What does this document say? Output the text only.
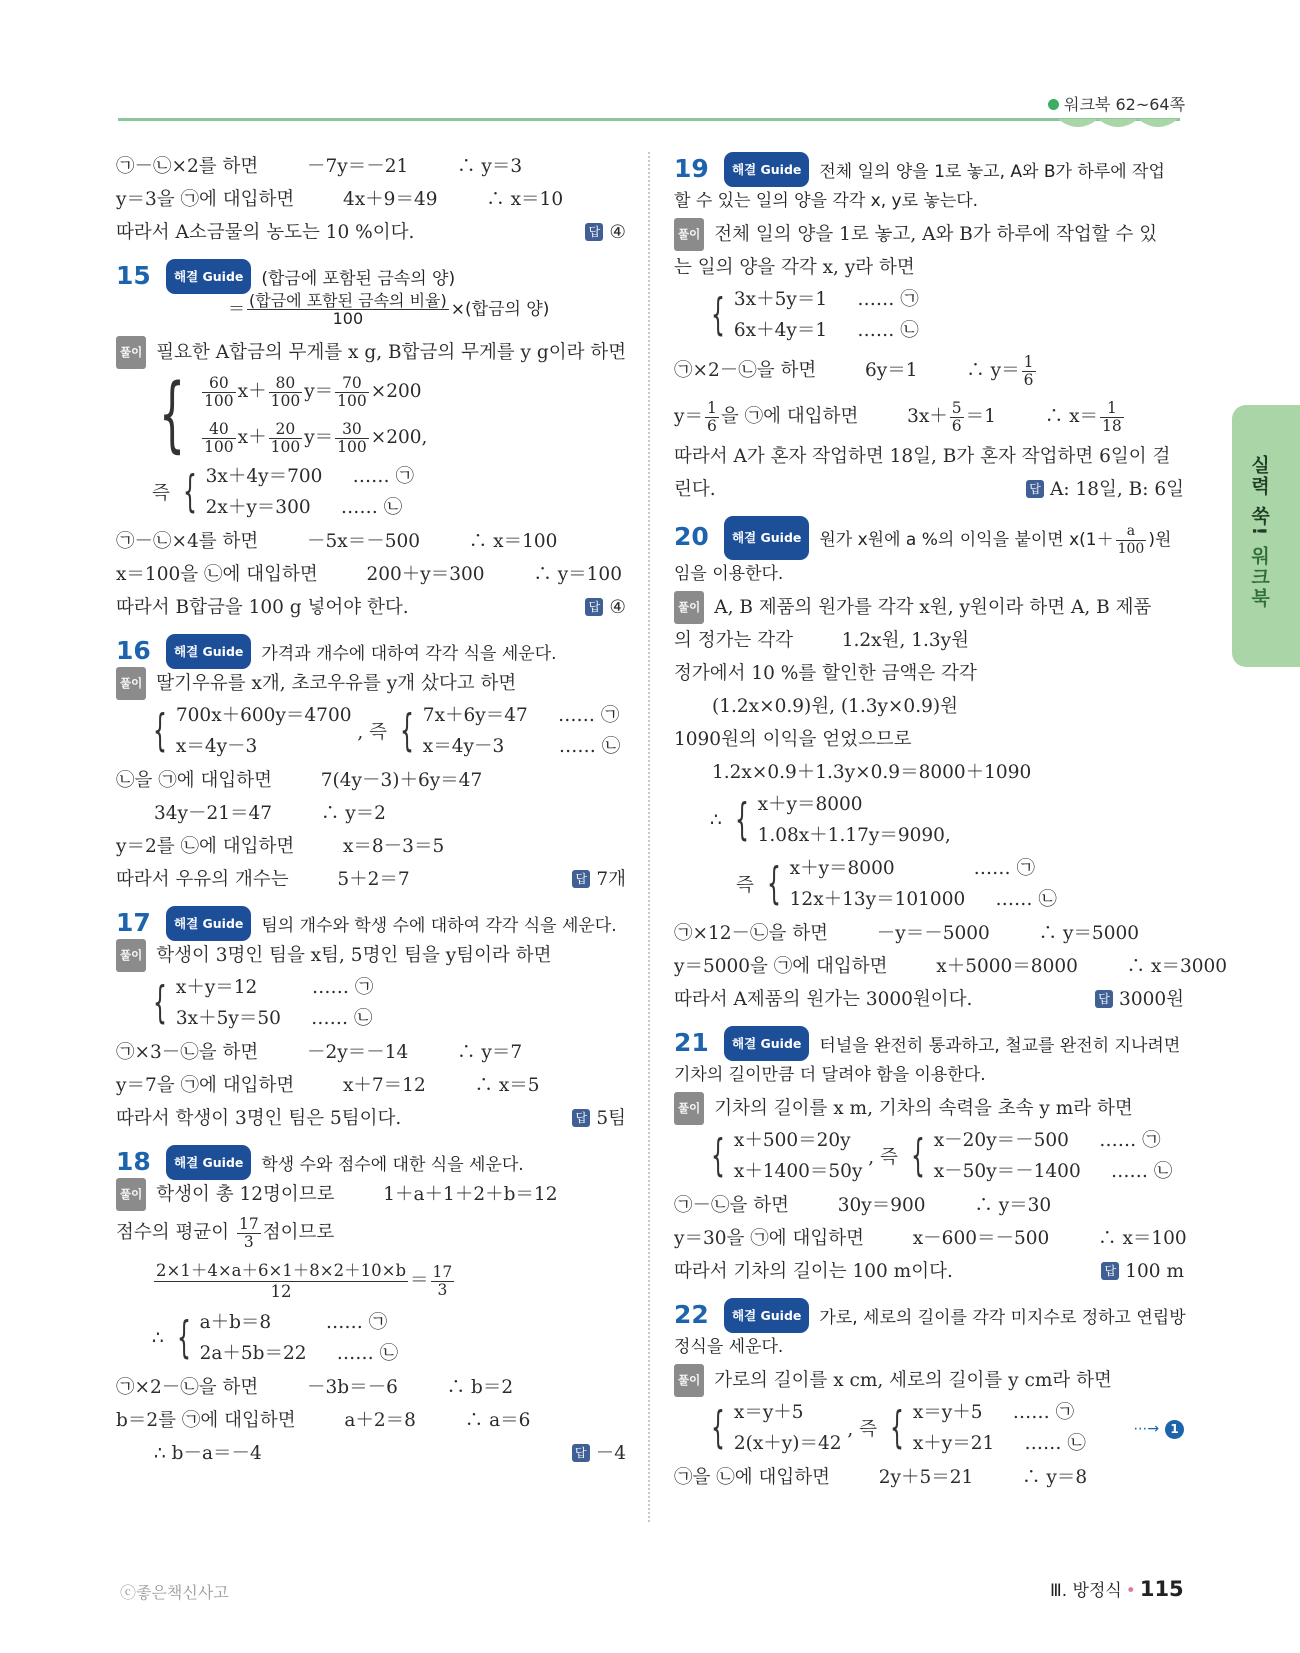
워크북 62~64쪽
실력 쑥! 워크북
㉠－㉡×2를 하면 　　 －7y＝－21 　　 ∴ y＝3
y＝3을 ㉠에 대입하면 　　 4x＋9＝49 　　 ∴ x＝10
따라서 A소금물의 농도는 10 %이다.	답 ④
15 해결 Guide (합금에 포함된 금속의 양)
＝ $\frac{\text{(합금에 포함된 금속의 비율)}}{100}$ ×(합금의 양)
풀이 필요한 A합금의 무게를 x g, B합금의 무게를 y g이라 하면
{ $\frac{60}{100} x+ \frac{80}{100} y= \frac{70}{100} \times 200$
$\frac{40}{100} x+ \frac{20}{100} y= \frac{30}{100} \times 200$,
즉 { 3x＋4y＝700 　 …… ㉠
2x＋y＝300 　 …… ㉡
㉠－㉡×4를 하면 　　 －5x＝－500 　　 ∴ x＝100
x＝100을 ㉡에 대입하면 　　 200＋y＝300 　　 ∴ y＝100
따라서 B합금을 100 g 넣어야 한다.	답 ④
16 해결 Guide 가격과 개수에 대하여 각각 식을 세운다.
풀이 딸기우유를 x개, 초코우유를 y개 샀다고 하면
{ 700x＋600y＝4700
x＝4y－3
, 즉 { 7x＋6y＝47 　 …… ㉠
x＝4y－3 　 　 …… ㉡
㉡을 ㉠에 대입하면 　　 7(4y－3)＋6y＝47
34y－21＝47 　　 ∴ y＝2
y＝2를 ㉡에 대입하면 　　 x＝8－3＝5
따라서 우유의 개수는 　　 5＋2＝7	답 7개
17 해결 Guide 팀의 개수와 학생 수에 대하여 각각 식을 세운다.
풀이 학생이 3명인 팀을 x팀, 5명인 팀을 y팀이라 하면
{ x＋y＝12 　 　 …… ㉠
3x＋5y＝50 　 …… ㉡
㉠×3－㉡을 하면 　　 －2y＝－14 　　 ∴ y＝7
y＝7을 ㉠에 대입하면 　　 x＋7＝12 　　 ∴ x＝5
따라서 학생이 3명인 팀은 5팀이다.	답 5팀
18 해결 Guide 학생 수와 점수에 대한 식을 세운다.
풀이 학생이 총 12명이므로 　　 1＋a＋1＋2＋b＝12
점수의 평균이 $\frac{17}{3}$ 점이므로
$\frac{2\times 1+4\times a+6\times 1+8\times 2+10\times b}{12} = \frac{17}{3}$
∴ { a＋b＝8 　 　 …… ㉠
2a＋5b＝22 　 …… ㉡
㉠×2－㉡을 하면 　　 －3b＝－6 　　 ∴ b＝2
b＝2를 ㉠에 대입하면 　　 a＋2＝8 　　 ∴ a＝6
∴ b－a＝－4	답 －4
19 해결 Guide 전체 일의 양을 1로 놓고, A와 B가 하루에 작업
할 수 있는 일의 양을 각각 x, y로 놓는다.
풀이 전체 일의 양을 1로 놓고, A와 B가 하루에 작업할 수 있
는 일의 양을 각각 x, y라 하면
{ 3x＋5y＝1 　 …… ㉠
6x＋4y＝1 　 …… ㉡
㉠×2－㉡을 하면 　　 6y＝1 　　 ∴ $y= \frac{1}{6}$
$y= \frac{1}{6}$ 을 ㉠에 대입하면 　　 $3x+ \frac{5}{6} =1$ 　　 ∴ $x= \frac{1}{18}$
따라서 A가 혼자 작업하면 18일, B가 혼자 작업하면 6일이 걸
린다.	답 A: 18일, B: 6일
20 해결 Guide 원가 x원에 a %의 이익을 붙이면 $x(1+ \frac{a}{100}$ )원
임을 이용한다.
풀이 A, B 제품의 원가를 각각 x원, y원이라 하면 A, B 제품
의 정가는 각각 　　 1.2x원, 1.3y원
정가에서 10 %를 할인한 금액은 각각
(1.2x×0.9)원, (1.3y×0.9)원
1090원의 이익을 얻었으므로
1.2x×0.9＋1.3y×0.9＝8000＋1090
∴ { x＋y＝8000
1.08x＋1.17y＝9090,
즉 { x＋y＝8000 　 　 　 …… ㉠
12x＋13y＝101000 　 …… ㉡
㉠×12－㉡을 하면 　　 －y＝－5000 　　 ∴ y＝5000
y＝5000을 ㉠에 대입하면 　　 x＋5000＝8000 　　 ∴ x＝3000
따라서 A제품의 원가는 3000원이다.	답 3000원
21 해결 Guide 터널을 완전히 통과하고, 철교를 완전히 지나려면
기차의 길이만큼 더 달려야 함을 이용한다.
풀이 기차의 길이를 x m, 기차의 속력을 초속 y m라 하면
{ x＋500＝20y
x＋1400＝50y
, 즉 { x－20y＝－500 　 …… ㉠
x－50y＝－1400 　 …… ㉡
㉠－㉡을 하면 　　 30y＝900 　　 ∴ y＝30
y＝30을 ㉠에 대입하면 　　 x－600＝－500 　　 ∴ x＝100
따라서 기차의 길이는 100 m이다.	답 100 m
22 해결 Guide 가로, 세로의 길이를 각각 미지수로 정하고 연립방
정식을 세운다.
풀이 가로의 길이를 x cm, 세로의 길이를 y cm라 하면
{ x＝y＋5
2(x＋y)＝42
, 즉 { x＝y＋5 　 …… ㉠
x＋y＝21 　 …… ㉡
⋯→ 1
㉠을 ㉡에 대입하면 　　 2y＋5＝21 　　 ∴ y＝8
ⓒ좋은책신사고	Ⅲ. 방정식 • 115
